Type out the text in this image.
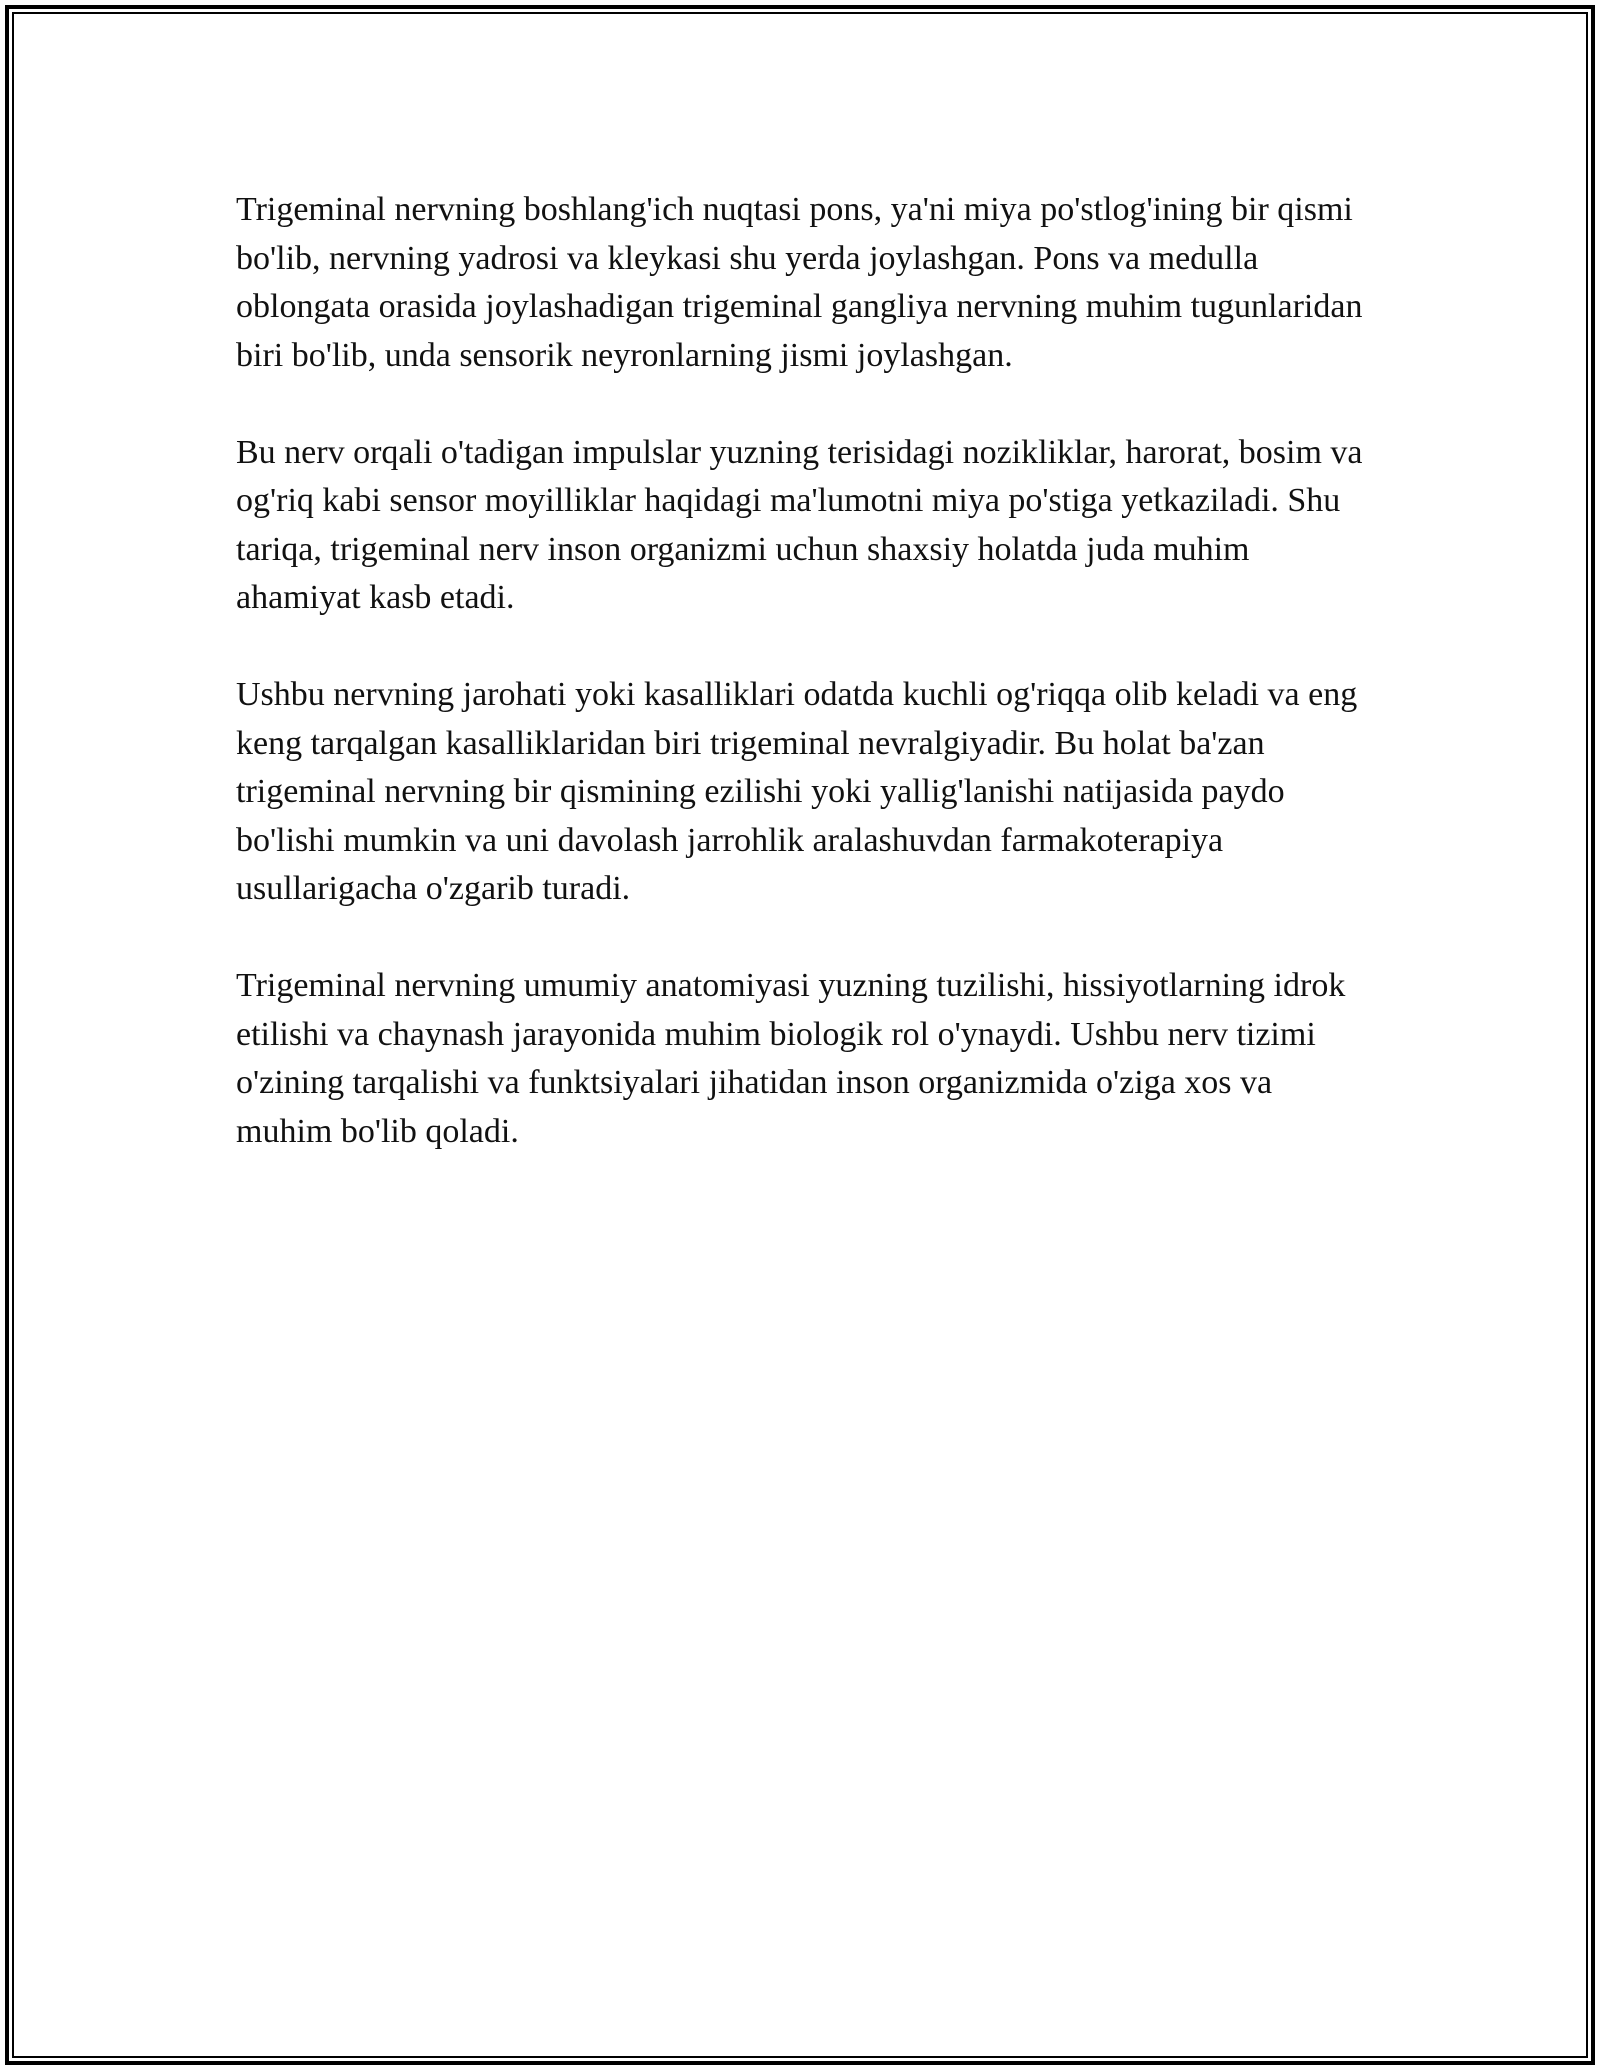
Trigeminal nervning boshlang'ich nuqtasi pons, ya'ni miya po'stlog'ining bir qismi bo'lib, nervning yadrosi va kleykasi shu yerda joylashgan. Pons va medulla oblongata orasida joylashadigan trigeminal gangliya nervning muhim tugunlaridan biri bo'lib, unda sensorik neyronlarning jismi joylashgan.

Bu nerv orqali o'tadigan impulslar yuzning terisidagi nozikliklar, harorat, bosim va og'riq kabi sensor moyilliklar haqidagi ma'lumotni miya po'stiga yetkaziladi. Shu tariqa, trigeminal nerv inson organizmi uchun shaxsiy holatda juda muhim ahamiyat kasb etadi.

Ushbu nervning jarohati yoki kasalliklari odatda kuchli og'riqqa olib keladi va eng keng tarqalgan kasalliklaridan biri trigeminal nevralgiyadir. Bu holat ba'zan trigeminal nervning bir qismining ezilishi yoki yallig'lanishi natijasida paydo bo'lishi mumkin va uni davolash jarrohlik aralashuvdan farmakoterapiya usullarigacha o'zgarib turadi.

Trigeminal nervning umumiy anatomiyasi yuzning tuzilishi, hissiyotlarning idrok etilishi va chaynash jarayonida muhim biologik rol o'ynaydi. Ushbu nerv tizimi o'zining tarqalishi va funktsiyalari jihatidan inson organizmida o'ziga xos va muhim bo'lib qoladi.
